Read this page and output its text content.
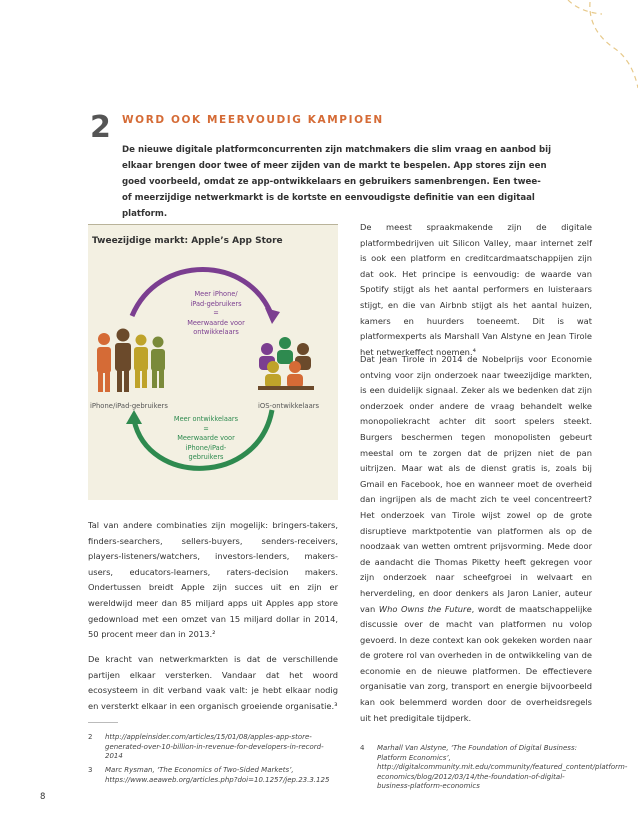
2 WORD OOK MEERVOUDIG KAMPIOEN
De nieuwe digitale platformconcurrenten zijn matchmakers die slim vraag en aanbod bij elkaar brengen door twee of meer zijden van de markt te bespelen. App stores zijn een goed voorbeeld, omdat ze app-ontwikkelaars en gebruikers samenbrengen. Een twee- of meerzijdige netwerkmarkt is de kortste en eenvoudigste definitie van een digitaal platform.
Tweezijdige markt: Apple’s App Store
Meer iPhone/
iPad-gebruikers
=
Meerwaarde voor
ontwikkelaars
Meer ontwikkelaars
=
Meerwaarde voor
iPhone/iPad-
gebruikers
iPhone/iPad-gebruikers	iOS-ontwikkelaars
Tal van andere combinaties zijn mogelijk: bringers-takers, finders-searchers, sellers-buyers, senders-receivers, players-listeners/watchers, investors-lenders, makers-users, educators-learners, raters-decision makers. Ondertussen breidt Apple zijn succes uit en zijn er wereldwijd meer dan 85 miljard apps uit Apples app store gedownload met een omzet van 15 miljard dollar in 2014, 50 procent meer dan in 2013.²
De kracht van netwerkmarkten is dat de verschillende partijen elkaar versterken. Vandaar dat het woord ecosysteem in dit verband vaak valt: je hebt elkaar nodig en versterkt elkaar in een organisch groeiende organisatie.³
De meest spraakmakende zijn de digitale platformbedrijven uit Silicon Valley, maar internet zelf is ook een platform en creditcardmaatschappijen zijn dat ook. Het principe is eenvoudig: de waarde van Spotify stijgt als het aantal performers en luisteraars stijgt, en die van Airbnb stijgt als het aantal huizen, kamers en huurders toeneemt. Dit is wat platformexperts als Marshall Van Alstyne en Jean Tirole het netwerkeffect noemen.⁴
Dat Jean Tirole in 2014 de Nobelprijs voor Economie ontving voor zijn onderzoek naar tweezijdige markten, is een duidelijk signaal. Zeker als we bedenken dat zijn onderzoek onder andere de vraag behandelt welke monopoliekracht achter dit soort spelers steekt. Burgers beschermen tegen monopolisten gebeurt meestal om te zorgen dat de prijzen niet de pan uitrijzen. Maar wat als de dienst gratis is, zoals bij Gmail en Facebook, hoe en wanneer moet de overheid dan ingrijpen als de macht zich te veel concentreert? Het onderzoek van Tirole wijst zowel op de grote disruptieve marktpotentie van platformen als op de noodzaak van wetten omtrent prijsvorming. Mede door de aandacht die Thomas Piketty heeft gekregen voor zijn onderzoek naar scheefgroei in welvaart en herverdeling, en door denkers als Jaron Lanier, auteur van Who Owns the Future, wordt de maatschappelijke discussie over de macht van platformen nu volop gevoerd. In deze context kan ook gekeken worden naar de grotere rol van overheden in de ontwikkeling van de economie en de nieuwe platformen. De effectievere organisatie van zorg, transport en energie bijvoorbeeld kan ook belemmerd worden door de overheidsregels uit het predigitale tijdperk.
2	http://appleinsider.com/articles/15/01/08/apples-app-store-generated-over-10-billion-in-revenue-for-developers-in-record-2014
3	Marc Rysman, ‘The Economics of Two-Sided Markets’, https://www.aeaweb.org/articles.php?doi=10.1257/jep.23.3.125
4	Marhall Van Alstyne, ‘The Foundation of Digital Business: Platform Economics’, http://digitalcommunity.mit.edu/community/featured_content/platform-economics/blog/2012/03/14/the-foundation-of-digital-business-platform-economics
8
